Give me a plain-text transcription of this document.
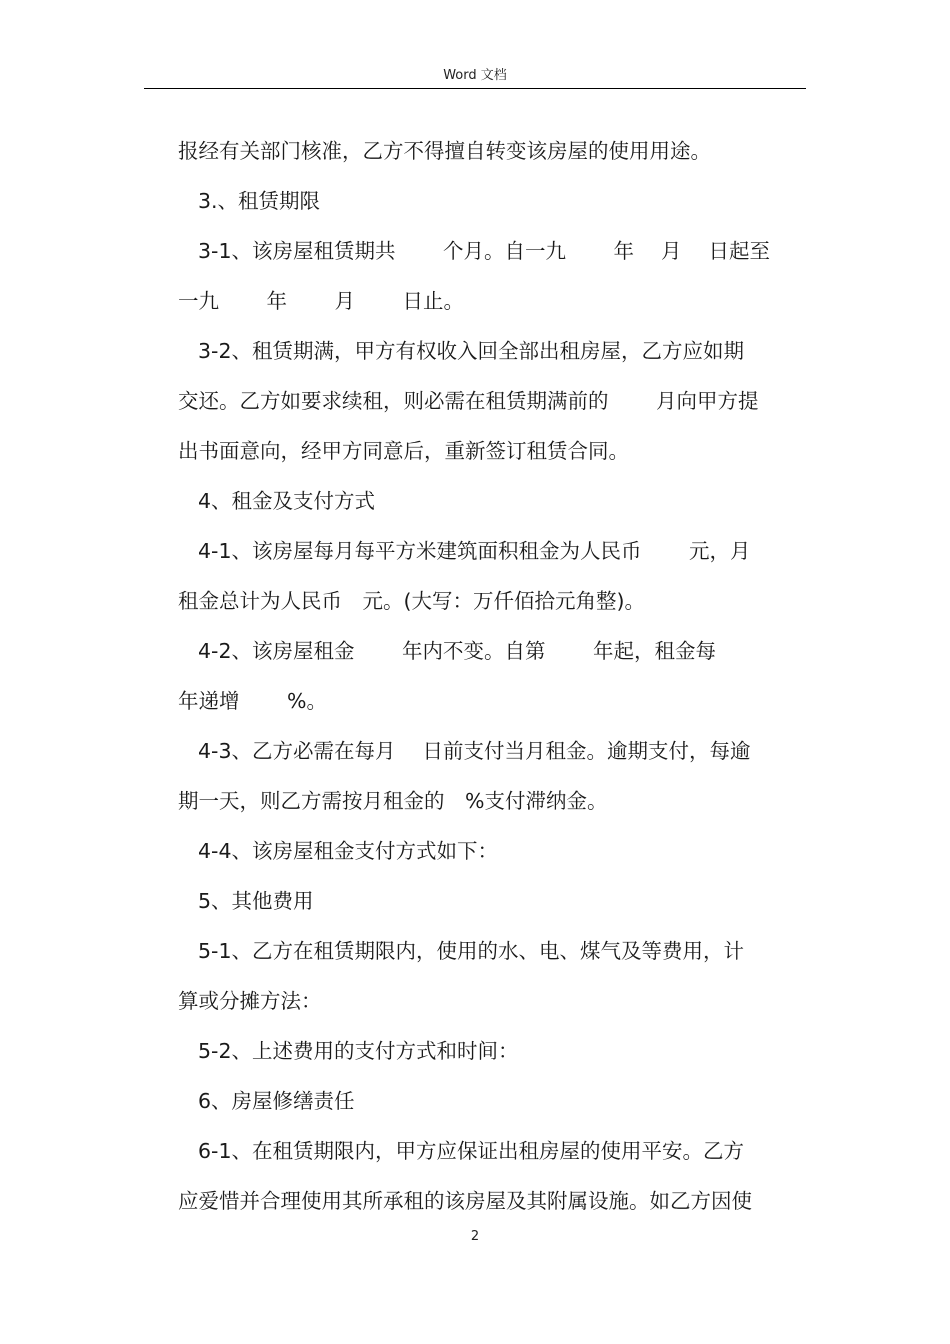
Word 文档
报经有关部门核准，乙方不得擅自转变该房屋的使用用途。
3.、租赁期限
3-1、该房屋租赁期共　　 个月。自一九　　 年　 月　 日起至
一九　　 年　　 月　　 日止。
3-2、租赁期满，甲方有权收入回全部出租房屋，乙方应如期
交还。乙方如要求续租，则必需在租赁期满前的　　 月向甲方提
出书面意向，经甲方同意后，重新签订租赁合同。
4、租金及支付方式
4-1、该房屋每月每平方米建筑面积租金为人民币　　 元，月
租金总计为人民币　元。(大写：万仟佰拾元角整)。
4-2、该房屋租金　　 年内不变。自第　　 年起，租金每
年递增　　 %。
4-3、乙方必需在每月　 日前支付当月租金。逾期支付，每逾
期一天，则乙方需按月租金的　%支付滞纳金。
4-4、该房屋租金支付方式如下：
5、其他费用
5-1、乙方在租赁期限内，使用的水、电、煤气及等费用，计
算或分摊方法：
5-2、上述费用的支付方式和时间：
6、房屋修缮责任
6-1、在租赁期限内，甲方应保证出租房屋的使用平安。乙方
应爱惜并合理使用其所承租的该房屋及其附属设施。如乙方因使
2
